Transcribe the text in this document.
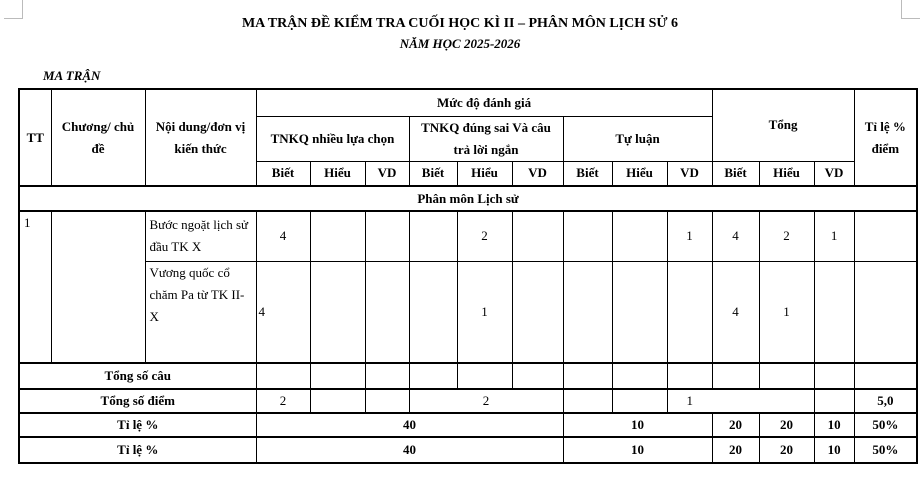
MA TRẬN ĐỀ KIỂM TRA CUỐI HỌC KÌ II – PHÂN MÔN LỊCH SỬ 6
NĂM HỌC 2025-2026
MA TRẬN
TT	Chương/ chủ đề	Nội dung/đơn vị kiến thức	Mức độ đánh giá									Tổng			Tỉ lệ % điểm
			TNKQ nhiều lựa chọn			TNKQ đúng sai Và câu trả lời ngắn			Tự luận						
			Biết	Hiểu	VD	Biết	Hiểu	VD	Biết	Hiểu	VD	Biết	Hiểu	VD	
Phân môn Lịch sử															
1		Bước ngoặt lịch sử đầu TK X	4				2				1	4	2	1	
		Vương quốc cổ chăm Pa từ TK II-X	4				1					4	1		
Tổng số câu															
Tổng số điểm			2			2					1				5,0
Tỉ lệ %			40						10			20	20	10	50%
Tỉ lệ %			40						10			20	20	10	50%
